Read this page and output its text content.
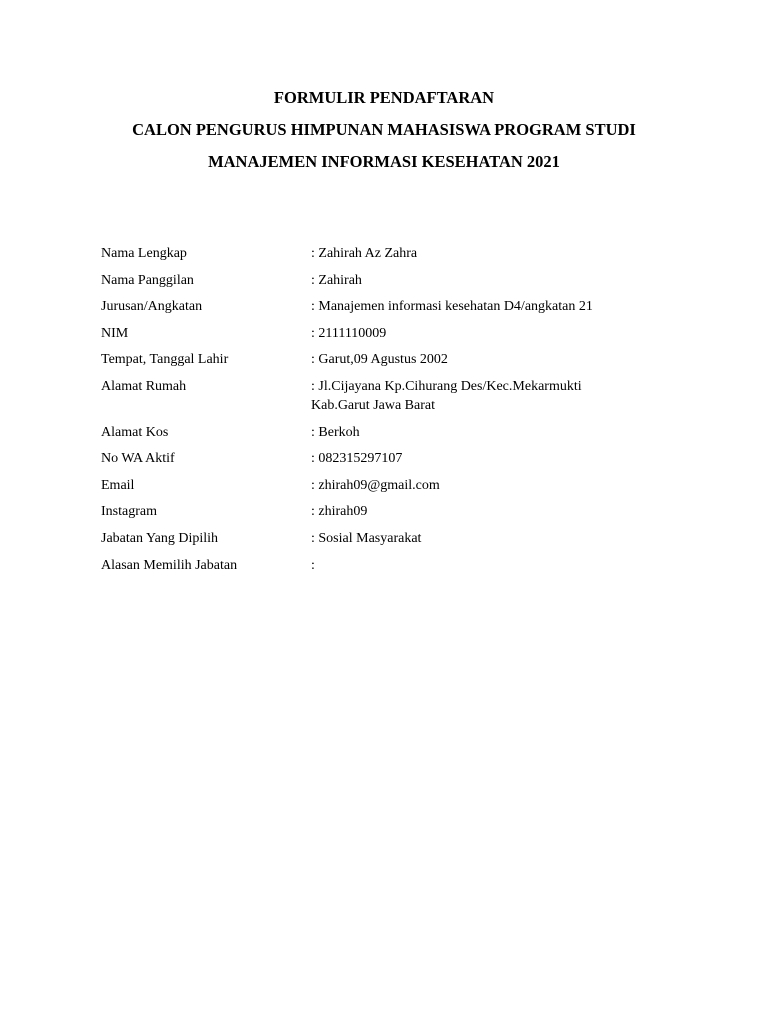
FORMULIR PENDAFTARAN
CALON PENGURUS HIMPUNAN MAHASISWA PROGRAM STUDI
MANAJEMEN INFORMASI KESEHATAN 2021
Nama Lengkap	: Zahirah Az Zahra
Nama Panggilan	: Zahirah
Jurusan/Angkatan	: Manajemen informasi kesehatan D4/angkatan 21
NIM	: 2111110009
Tempat, Tanggal Lahir	: Garut,09 Agustus 2002
Alamat Rumah	: Jl.Cijayana Kp.Cihurang Des/Kec.Mekarmukti
Kab.Garut Jawa Barat
Alamat Kos	: Berkoh
No WA Aktif	: 082315297107
Email	: zhirah09@gmail.com
Instagram	: zhirah09
Jabatan Yang Dipilih	: Sosial Masyarakat
Alasan Memilih Jabatan	:
